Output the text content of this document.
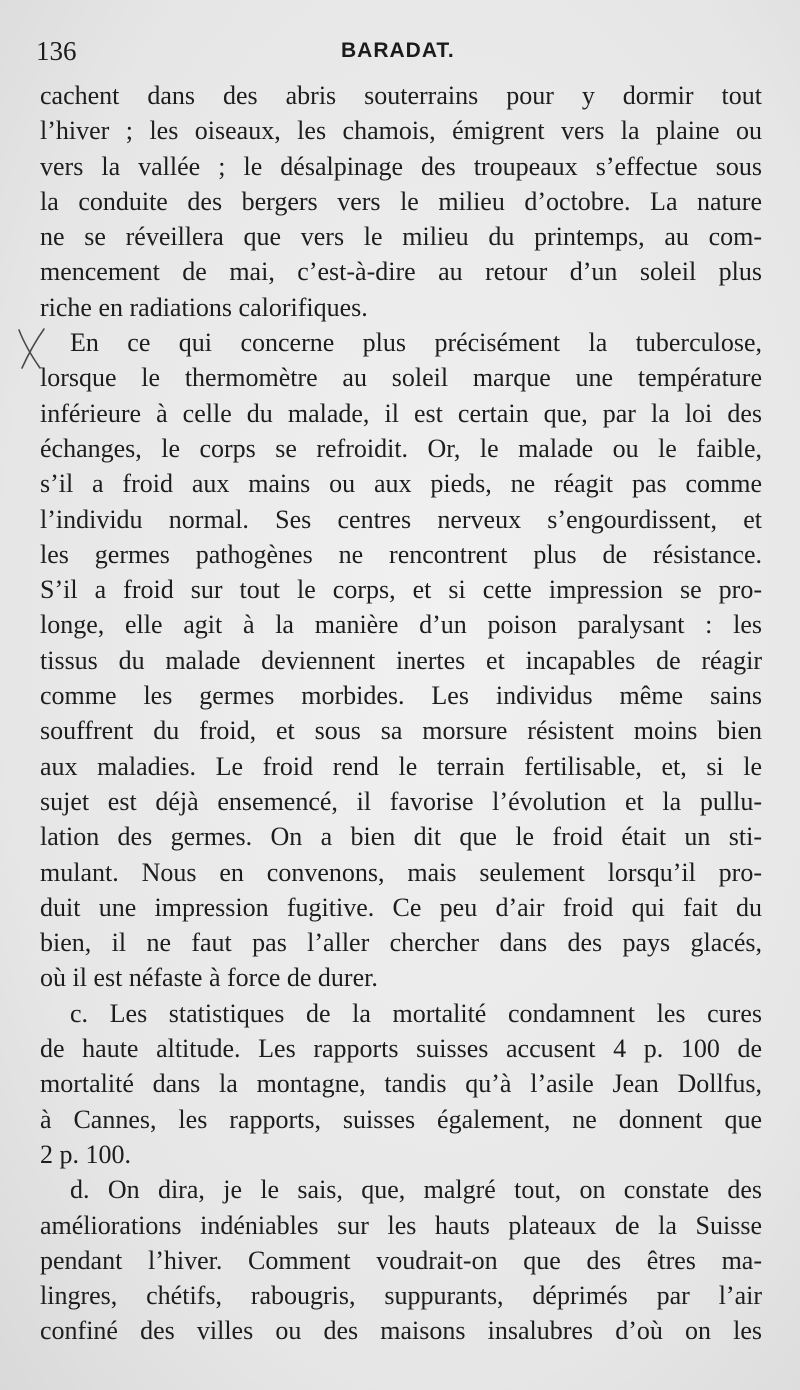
136	BARADAT.
cachent dans des abris souterrains pour y dormir tout
l’hiver ; les oiseaux, les chamois, émigrent vers la plaine ou
vers la vallée ; le désalpinage des troupeaux s’effectue sous
la conduite des bergers vers le milieu d’octobre. La nature
ne se réveillera que vers le milieu du printemps, au com-
mencement de mai, c’est-à-dire au retour d’un soleil plus
riche en radiations calorifiques.
En ce qui concerne plus précisément la tuberculose,
lorsque le thermomètre au soleil marque une température
inférieure à celle du malade, il est certain que, par la loi des
échanges, le corps se refroidit. Or, le malade ou le faible,
s’il a froid aux mains ou aux pieds, ne réagit pas comme
l’individu normal. Ses centres nerveux s’engourdissent, et
les germes pathogènes ne rencontrent plus de résistance.
S’il a froid sur tout le corps, et si cette impression se pro-
longe, elle agit à la manière d’un poison paralysant : les
tissus du malade deviennent inertes et incapables de réagir
comme les germes morbides. Les individus même sains
souffrent du froid, et sous sa morsure résistent moins bien
aux maladies. Le froid rend le terrain fertilisable, et, si le
sujet est déjà ensemencé, il favorise l’évolution et la pullu-
lation des germes. On a bien dit que le froid était un sti-
mulant. Nous en convenons, mais seulement lorsqu’il pro-
duit une impression fugitive. Ce peu d’air froid qui fait du
bien, il ne faut pas l’aller chercher dans des pays glacés,
où il est néfaste à force de durer.
c. Les statistiques de la mortalité condamnent les cures
de haute altitude. Les rapports suisses accusent 4 p. 100 de
mortalité dans la montagne, tandis qu’à l’asile Jean Dollfus,
à Cannes, les rapports, suisses également, ne donnent que
2 p. 100.
d. On dira, je le sais, que, malgré tout, on constate des
améliorations indéniables sur les hauts plateaux de la Suisse
pendant l’hiver. Comment voudrait-on que des êtres ma-
lingres, chétifs, rabougris, suppurants, déprimés par l’air
confiné des villes ou des maisons insalubres d’où on les
